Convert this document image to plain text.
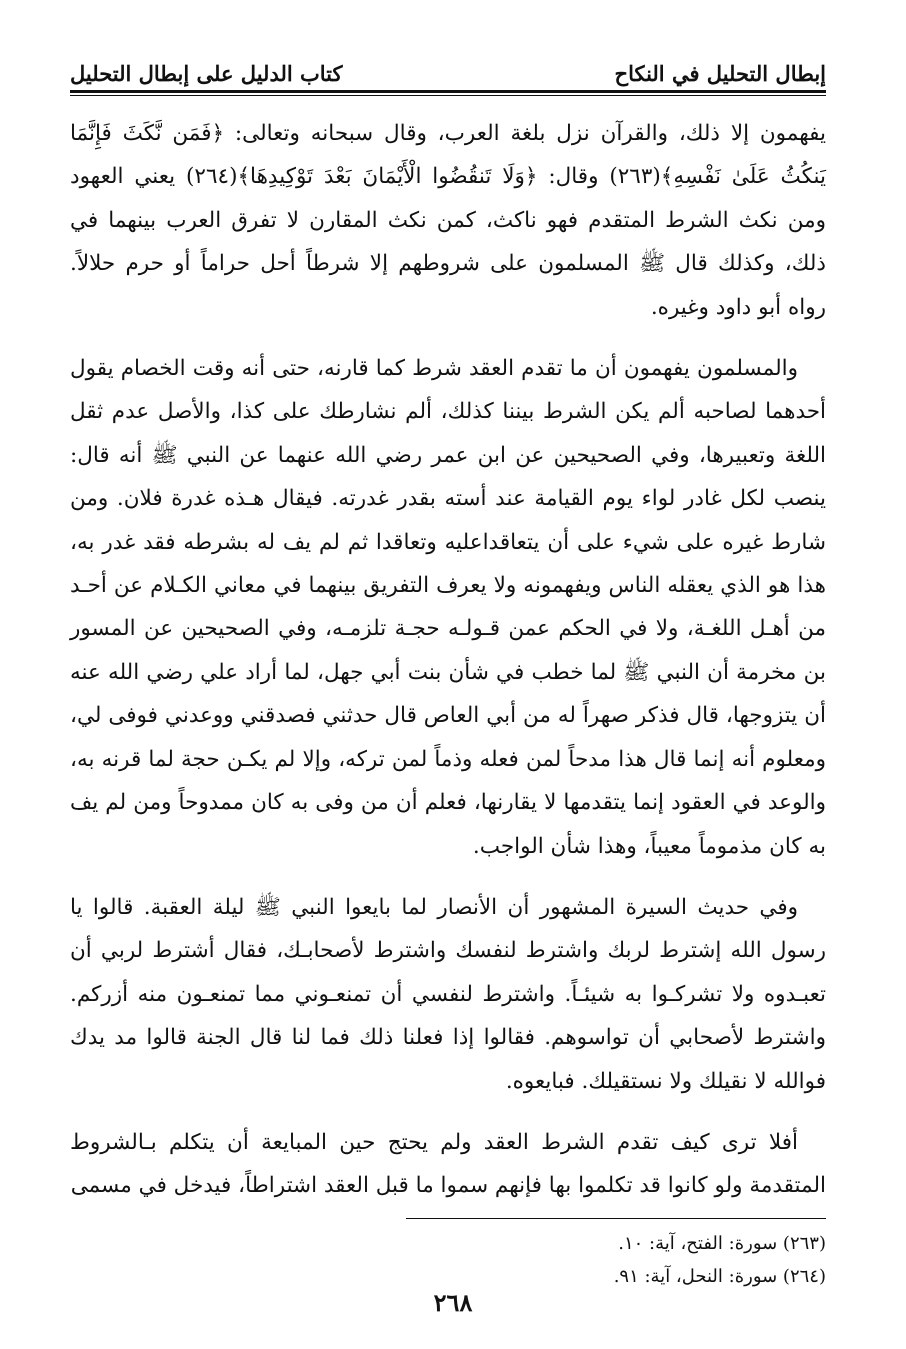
إبطال التحليل في النكاح
كتاب الدليل على إبطال التحليل

يفهمون إلا ذلك، والقرآن نزل بلغة العرب، وقال سبحانه وتعالى: ﴿فَمَن نَّكَثَ فَإِنَّمَا يَنكُثُ عَلَىٰ نَفْسِهِ﴾(٢٦٣) وقال: ﴿وَلَا تَنقُضُوا الْأَيْمَانَ بَعْدَ تَوْكِيدِهَا﴾(٢٦٤) يعني العهود ومن نكث الشرط المتقدم فهو ناكث، كمن نكث المقارن لا تفرق العرب بينهما في ذلك، وكذلك قال ﷺ المسلمون على شروطهم إلا شرطاً أحل حراماً أو حرم حلالاً. رواه أبو داود وغيره.

والمسلمون يفهمون أن ما تقدم العقد شرط كما قارنه، حتى أنه وقت الخصام يقول أحدهما لصاحبه ألم يكن الشرط بيننا كذلك، ألم نشارطك على كذا، والأصل عدم ثقل اللغة وتعبيرها، وفي الصحيحين عن ابن عمر رضي الله عنهما عن النبي ﷺ أنه قال: ينصب لكل غادر لواء يوم القيامة عند أسته بقدر غدرته. فيقال هـذه غدرة فلان. ومن شارط غيره على شيء على أن يتعاقداعليه وتعاقدا ثم لم يف له بشرطه فقد غدر به، هذا هو الذي يعقله الناس ويفهمونه ولا يعرف التفريق بينهما في معاني الكـلام عن أحـد من أهـل اللغـة، ولا في الحكم عمن قـولـه حجـة تلزمـه، وفي الصحيحين عن المسور بن مخرمة أن النبي ﷺ لما خطب في شأن بنت أبي جهل، لما أراد علي رضي الله عنه أن يتزوجها، قال فذكر صهراً له من أبي العاص قال حدثني فصدقني ووعدني فوفى لي، ومعلوم أنه إنما قال هذا مدحاً لمن فعله وذماً لمن تركه، وإلا لم يكـن حجة لما قرنه به، والوعد في العقود إنما يتقدمها لا يقارنها، فعلم أن من وفى به كان ممدوحاً ومن لم يف به كان مذموماً معيباً، وهذا شأن الواجب.

وفي حديث السيرة المشهور أن الأنصار لما بايعوا النبي ﷺ ليلة العقبة. قالوا يا رسول الله إشترط لربك واشترط لنفسك واشترط لأصحابـك، فقال أشترط لربي أن تعبـدوه ولا تشركـوا به شيئـاً. واشترط لنفسي أن تمنعـوني مما تمنعـون منه أزركم. واشترط لأصحابي أن تواسوهم. فقالوا إذا فعلنا ذلك فما لنا قال الجنة قالوا مد يدك فوالله لا نقيلك ولا نستقيلك. فبايعوه.

أفلا ترى كيف تقدم الشرط العقد ولم يحتج حين المبايعة أن يتكلم بـالشروط المتقدمة ولو كانوا قد تكلموا بها فإنهم سموا ما قبل العقد اشتراطاً، فيدخل في مسمى

(٢٦٣) سورة: الفتح، آية: ١٠.
(٢٦٤) سورة: النحل، آية: ٩١.
٢٦٨
